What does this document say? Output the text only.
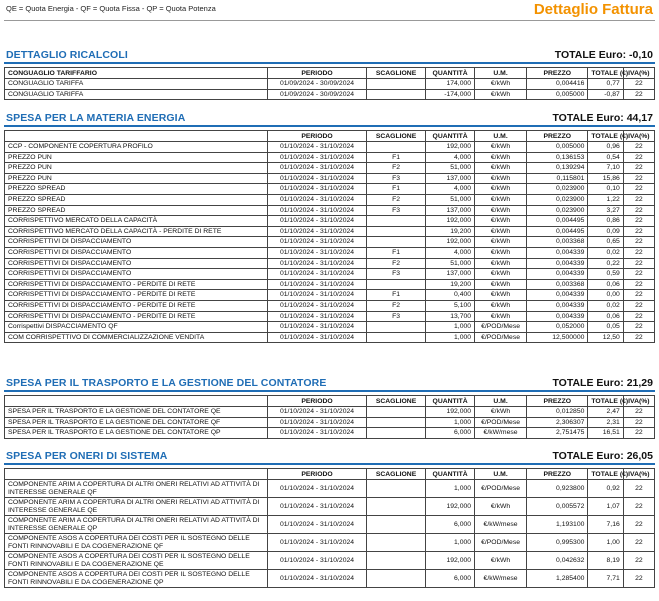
QE = Quota Energia - QF = Quota Fissa - QP = Quota Potenza	Dettaglio Fattura
DETTAGLIO RICALCOLI	TOTALE Euro: -0,10
CONGUAGLIO TARIFFARIO	PERIODO	SCAGLIONE	QUANTITÀ	U.M.	PREZZO	TOTALE (€)	IVA(%)
CONGUAGLIO TARIFFA	01/09/2024 - 30/09/2024		174,000	€/kWh	0,004416	0,77	22
CONGUAGLIO TARIFFA	01/09/2024 - 30/09/2024		-174,000	€/kWh	0,005000	-0,87	22
SPESA PER LA MATERIA ENERGIA	TOTALE Euro: 44,17
	PERIODO	SCAGLIONE	QUANTITÀ	U.M.	PREZZO	TOTALE (€)	IVA(%)
CCP - COMPONENTE COPERTURA PROFILO	01/10/2024 - 31/10/2024		192,000	€/kWh	0,005000	0,96	22
PREZZO PUN	01/10/2024 - 31/10/2024	F1	4,000	€/kWh	0,136153	0,54	22
PREZZO PUN	01/10/2024 - 31/10/2024	F2	51,000	€/kWh	0,139294	7,10	22
PREZZO PUN	01/10/2024 - 31/10/2024	F3	137,000	€/kWh	0,115801	15,86	22
PREZZO SPREAD	01/10/2024 - 31/10/2024	F1	4,000	€/kWh	0,023900	0,10	22
PREZZO SPREAD	01/10/2024 - 31/10/2024	F2	51,000	€/kWh	0,023900	1,22	22
PREZZO SPREAD	01/10/2024 - 31/10/2024	F3	137,000	€/kWh	0,023900	3,27	22
CORRISPETTIVO MERCATO DELLA CAPACITÀ	01/10/2024 - 31/10/2024		192,000	€/kWh	0,004495	0,86	22
CORRISPETTIVO MERCATO DELLA CAPACITÀ - PERDITE DI RETE	01/10/2024 - 31/10/2024		19,200	€/kWh	0,004495	0,09	22
CORRISPETTIVI DI DISPACCIAMENTO	01/10/2024 - 31/10/2024		192,000	€/kWh	0,003368	0,65	22
CORRISPETTIVI DI DISPACCIAMENTO	01/10/2024 - 31/10/2024	F1	4,000	€/kWh	0,004339	0,02	22
CORRISPETTIVI DI DISPACCIAMENTO	01/10/2024 - 31/10/2024	F2	51,000	€/kWh	0,004339	0,22	22
CORRISPETTIVI DI DISPACCIAMENTO	01/10/2024 - 31/10/2024	F3	137,000	€/kWh	0,004339	0,59	22
CORRISPETTIVI DI DISPACCIAMENTO - PERDITE DI RETE	01/10/2024 - 31/10/2024		19,200	€/kWh	0,003368	0,06	22
CORRISPETTIVI DI DISPACCIAMENTO - PERDITE DI RETE	01/10/2024 - 31/10/2024	F1	0,400	€/kWh	0,004339	0,00	22
CORRISPETTIVI DI DISPACCIAMENTO - PERDITE DI RETE	01/10/2024 - 31/10/2024	F2	5,100	€/kWh	0,004339	0,02	22
CORRISPETTIVI DI DISPACCIAMENTO - PERDITE DI RETE	01/10/2024 - 31/10/2024	F3	13,700	€/kWh	0,004339	0,06	22
Corrispettivi DISPACCIAMENTO QF	01/10/2024 - 31/10/2024		1,000	€/POD/Mese	0,052000	0,05	22
COM CORRISPETTIVO DI COMMERCIALIZZAZIONE VENDITA	01/10/2024 - 31/10/2024		1,000	€/POD/Mese	12,500000	12,50	22
SPESA PER IL TRASPORTO E LA GESTIONE DEL CONTATORE	TOTALE Euro: 21,29
	PERIODO	SCAGLIONE	QUANTITÀ	U.M.	PREZZO	TOTALE (€)	IVA(%)
SPESA PER IL TRASPORTO E LA GESTIONE DEL CONTATORE QE	01/10/2024 - 31/10/2024		192,000	€/kWh	0,012850	2,47	22
SPESA PER IL TRASPORTO E LA GESTIONE DEL CONTATORE QF	01/10/2024 - 31/10/2024		1,000	€/POD/Mese	2,306307	2,31	22
SPESA PER IL TRASPORTO E LA GESTIONE DEL CONTATORE QP	01/10/2024 - 31/10/2024		6,000	€/kW/mese	2,751475	16,51	22
SPESA PER ONERI DI SISTEMA	TOTALE Euro: 26,05
	PERIODO	SCAGLIONE	QUANTITÀ	U.M.	PREZZO	TOTALE (€)	IVA(%)
COMPONENTE ARIM A COPERTURA DI ALTRI ONERI RELATIVI AD ATTIVITÀ DI INTERESSE GENERALE QF	01/10/2024 - 31/10/2024		1,000	€/POD/Mese	0,923800	0,92	22
COMPONENTE ARIM A COPERTURA DI ALTRI ONERI RELATIVI AD ATTIVITÀ DI INTERESSE GENERALE QE	01/10/2024 - 31/10/2024		192,000	€/kWh	0,005572	1,07	22
COMPONENTE ARIM A COPERTURA DI ALTRI ONERI RELATIVI AD ATTIVITÀ DI INTERESSE GENERALE QP	01/10/2024 - 31/10/2024		6,000	€/kW/mese	1,193100	7,16	22
COMPONENTE ASOS A COPERTURA DEI COSTI PER IL SOSTEGNO DELLE FONTI RINNOVABILI E DA COGENERAZIONE QF	01/10/2024 - 31/10/2024		1,000	€/POD/Mese	0,995300	1,00	22
COMPONENTE ASOS A COPERTURA DEI COSTI PER IL SOSTEGNO DELLE FONTI RINNOVABILI E DA COGENERAZIONE QE	01/10/2024 - 31/10/2024		192,000	€/kWh	0,042632	8,19	22
COMPONENTE ASOS A COPERTURA DEI COSTI PER IL SOSTEGNO DELLE FONTI RINNOVABILI E DA COGENERAZIONE QP	01/10/2024 - 31/10/2024		6,000	€/kW/mese	1,285400	7,71	22
